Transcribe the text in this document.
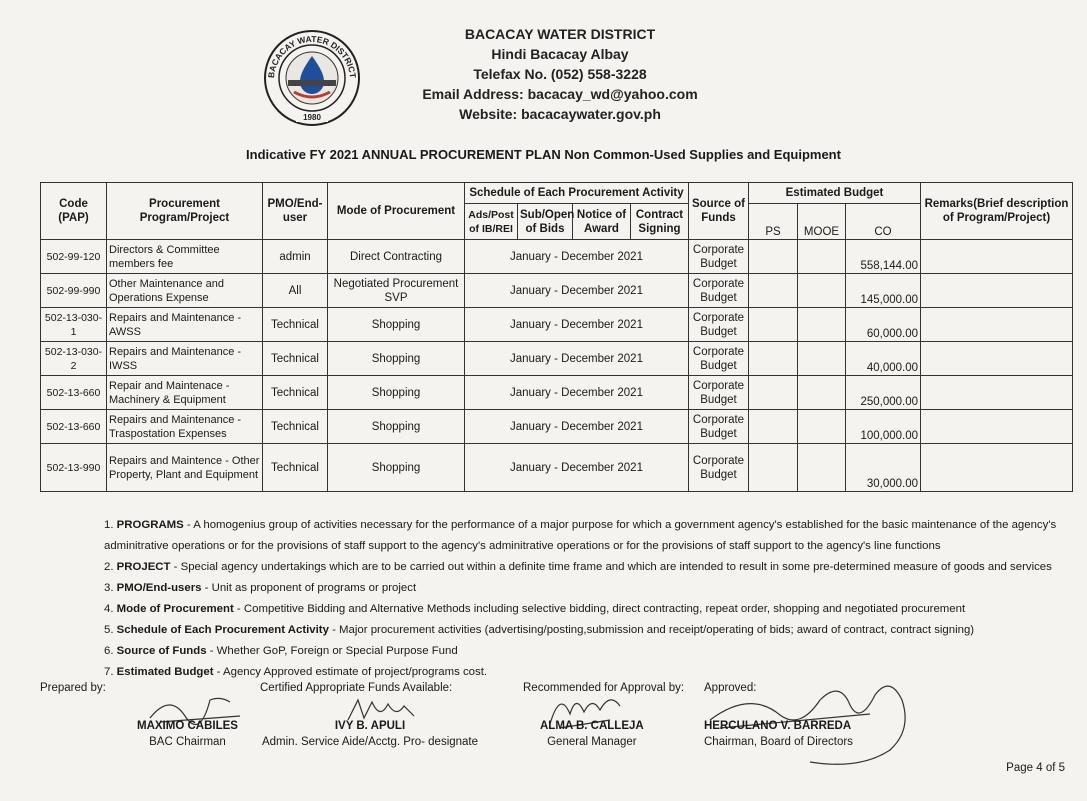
BACACAY WATER DISTRICT
1980
BACACAY WATER DISTRICT
Hindi Bacacay Albay
Telefax No. (052) 558-3228
Email Address: bacacay_wd@yahoo.com
Website: bacacaywater.gov.ph
Indicative FY 2021 ANNUAL PROCUREMENT PLAN Non Common-Used Supplies and Equipment
Code (PAP)	Procurement Program/Project	PMO/End-user	Mode of Procurement	Schedule of Each Procurement Activity				Source of Funds	Estimated Budget			Remarks(Brief description of Program/Project)
				Ads/Post of IB/REI	Sub/Open of Bids	Notice of Award	Contract Signing		PS	MOOE	CO	
502-99-120	Directors & Committee members fee	admin	Direct Contracting	January - December 2021				Corporate Budget			558,144.00	
502-99-990	Other Maintenance and Operations Expense	All	Negotiated Procurement SVP	January - December 2021				Corporate Budget			145,000.00	
502-13-030-1	Repairs and Maintenance - AWSS	Technical	Shopping	January - December 2021				Corporate Budget			60,000.00	
502-13-030-2	Repairs and Maintenance - IWSS	Technical	Shopping	January - December 2021				Corporate Budget			40,000.00	
502-13-660	Repair and Maintenace - Machinery & Equipment	Technical	Shopping	January - December 2021				Corporate Budget			250,000.00	
502-13-660	Repairs and Maintenance - Traspostation Expenses	Technical	Shopping	January - December 2021				Corporate Budget			100,000.00	
502-13-990	Repairs and Maintence - Other Property, Plant and Equipment	Technical	Shopping	January - December 2021				Corporate Budget			30,000.00	

1. PROGRAMS - A homogenius group of activities necessary for the performance of a major purpose for which a government agency's established for the basic maintenance of the agency's adminitrative operations or for the provisions of staff support to the agency's adminitrative operations or for the provisions of staff support to the agency's line functions

2. PROJECT - Special agency undertakings which are to be carried out within a definite time frame and which are intended to result in some pre-determined measure of goods and services

3. PMO/End-users - Unit as proponent of programs or project

4. Mode of Procurement - Competitive Bidding and Alternative Methods including selective bidding, direct contracting, repeat order, shopping and negotiated procurement

5. Schedule of Each Procurement Activity - Major procurement activities (advertising/posting,submission and receipt/operating of bids; award of contract, contract signing)

6. Source of Funds - Whether GoP, Foreign or Special Purpose Fund

7. Estimated Budget - Agency Approved estimate of project/programs cost.

Prepared by:
MAXIMO CABILES
BAC Chairman
Certified Appropriate Funds Available:
IVY B. APULI
Admin. Service Aide/Acctg. Pro- designate
Recommended for Approval by:
ALMA B. CALLEJA
General Manager
Approved:
HERCULANO V. BARREDA
Chairman, Board of Directors
Page 4 of 5
